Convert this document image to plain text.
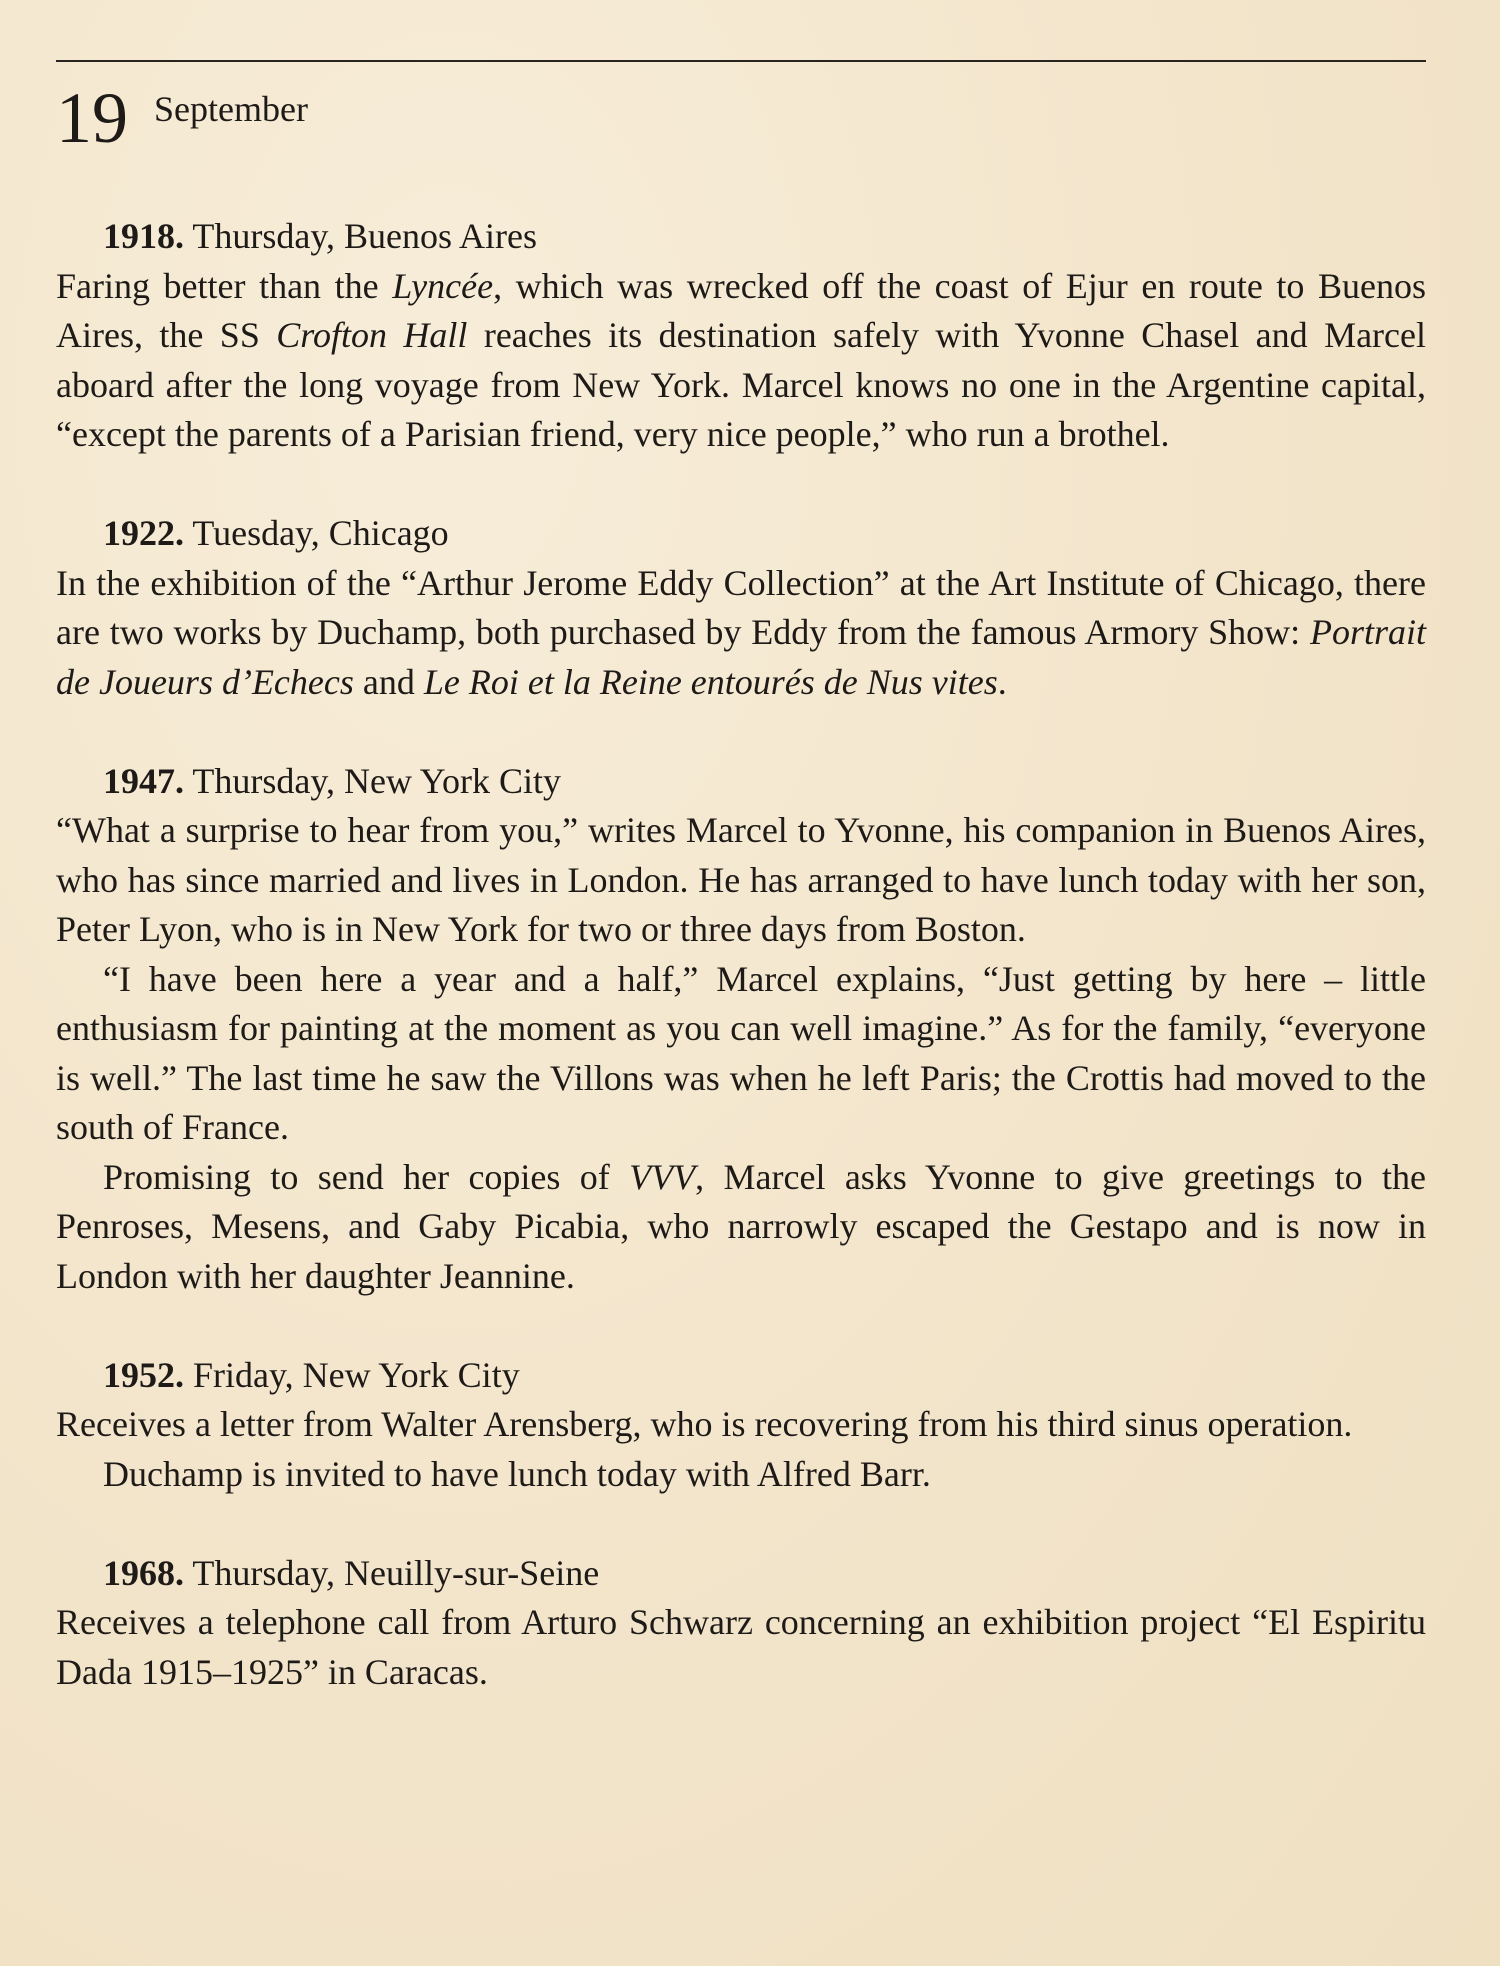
19 September
1918. Thursday, Buenos Aires

Faring better than the Lyncée, which was wrecked off the coast of Ejur en route to Buenos Aires, the SS Crofton Hall reaches its destination safely with Yvonne Chasel and Marcel aboard after the long voyage from New York. Marcel knows no one in the Argentine capital, “except the parents of a Parisian friend, very nice people,” who run a brothel.

1922. Tuesday, Chicago

In the exhibition of the “Arthur Jerome Eddy Collection” at the Art Institute of Chicago, there are two works by Duchamp, both purchased by Eddy from the famous Armory Show: Portrait de Joueurs d’Echecs and Le Roi et la Reine entourés de Nus vites.

1947. Thursday, New York City

“What a surprise to hear from you,” writes Marcel to Yvonne, his companion in Buenos Aires, who has since married and lives in London. He has arranged to have lunch today with her son, Peter Lyon, who is in New York for two or three days from Boston.

“I have been here a year and a half,” Marcel explains, “Just getting by here – little enthusiasm for painting at the moment as you can well imagine.” As for the family, “everyone is well.” The last time he saw the Villons was when he left Paris; the Crottis had moved to the south of France.

Promising to send her copies of VVV, Marcel asks Yvonne to give greetings to the Penroses, Mesens, and Gaby Picabia, who narrowly escaped the Gestapo and is now in London with her daughter Jeannine.

1952. Friday, New York City

Receives a letter from Walter Arensberg, who is recovering from his third sinus operation.

Duchamp is invited to have lunch today with Alfred Barr.

1968. Thursday, Neuilly-sur-Seine

Receives a telephone call from Arturo Schwarz concerning an exhibition project “El Espiritu Dada 1915–1925” in Caracas.
